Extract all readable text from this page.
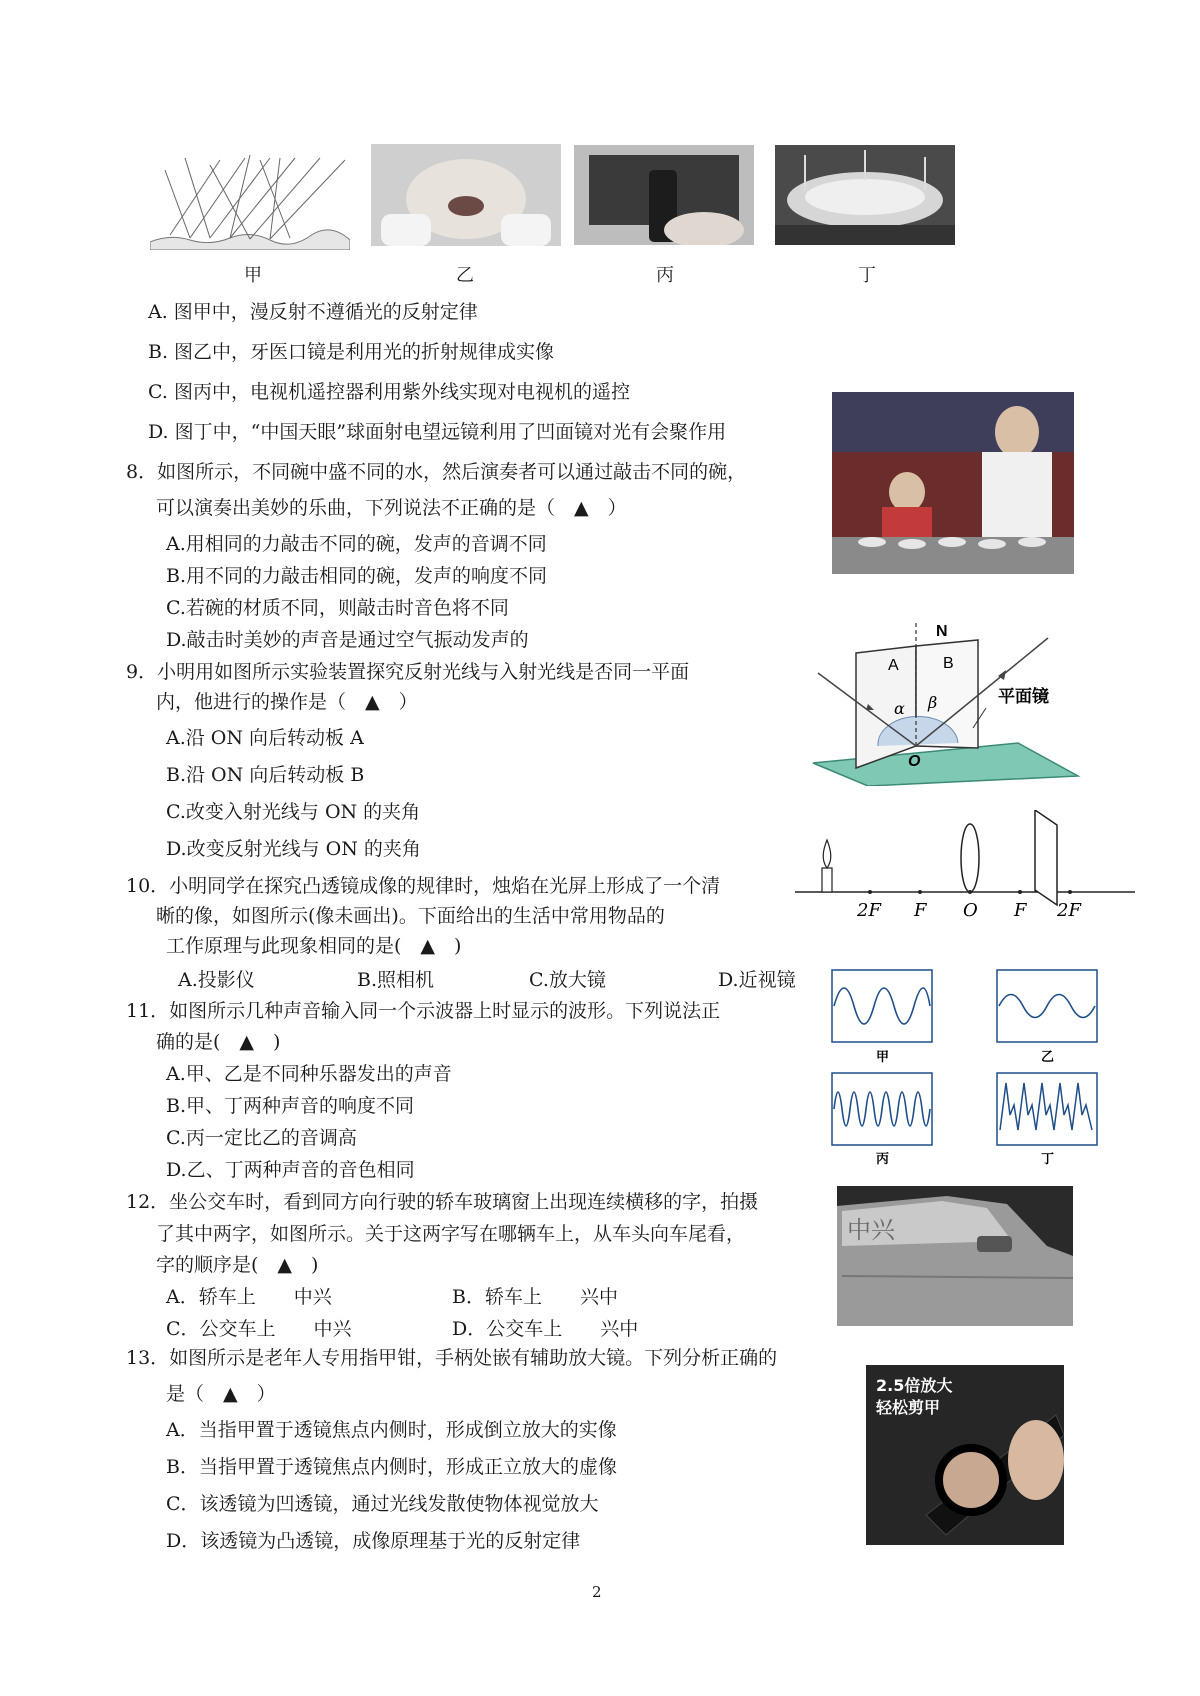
甲	乙	丙	丁
A. 图甲中，漫反射不遵循光的反射定律
B. 图乙中，牙医口镜是利用光的折射规律成实像
C. 图丙中，电视机遥控器利用紫外线实现对电视机的遥控
D. 图丁中，“中国天眼”球面射电望远镜利用了凹面镜对光有会聚作用
8．如图所示，不同碗中盛不同的水，然后演奏者可以通过敲击不同的碗，
可以演奏出美妙的乐曲，下列说法不正确的是（　▲　）
A.用相同的力敲击不同的碗，发声的音调不同
B.用不同的力敲击相同的碗，发声的响度不同
C.若碗的材质不同，则敲击时音色将不同
D.敲击时美妙的声音是通过空气振动发声的	N
A	B
α β
O
平面镜
9．小明用如图所示实验装置探究反射光线与入射光线是否同一平面
内，他进行的操作是（　▲　）
A.沿 ON 向后转动板 A
B.沿 ON 向后转动板 B
C.改变入射光线与 ON 的夹角
D.改变反射光线与 ON 的夹角
2F F O F 2F
10．小明同学在探究凸透镜成像的规律时，烛焰在光屏上形成了一个清
晰的像，如图所示(像未画出)。下面给出的生活中常用物品的
工作原理与此现象相同的是(　▲　)
A.投影仪	B.照相机	C.放大镜	D.近视镜
甲	乙
丙	丁
11．如图所示几种声音输入同一个示波器上时显示的波形。下列说法正
确的是(　▲　)
A.甲、乙是不同种乐器发出的声音
B.甲、丁两种声音的响度不同
C.丙一定比乙的音调高
D.乙、丁两种声音的音色相同
中兴
12．坐公交车时，看到同方向行驶的轿车玻璃窗上出现连续横移的字，拍摄
了其中两字，如图所示。关于这两字写在哪辆车上，从车头向车尾看，
字的顺序是(　▲　)
A．轿车上　　中兴	B．轿车上　　兴中
C．公交车上　　中兴	D．公交车上　　兴中
2.5倍放大
轻松剪甲
13．如图所示是老年人专用指甲钳，手柄处嵌有辅助放大镜。下列分析正确的
是（　▲　）
A．当指甲置于透镜焦点内侧时，形成倒立放大的实像
B．当指甲置于透镜焦点内侧时，形成正立放大的虚像
C．该透镜为凹透镜，通过光线发散使物体视觉放大
D．该透镜为凸透镜，成像原理基于光的反射定律
2
